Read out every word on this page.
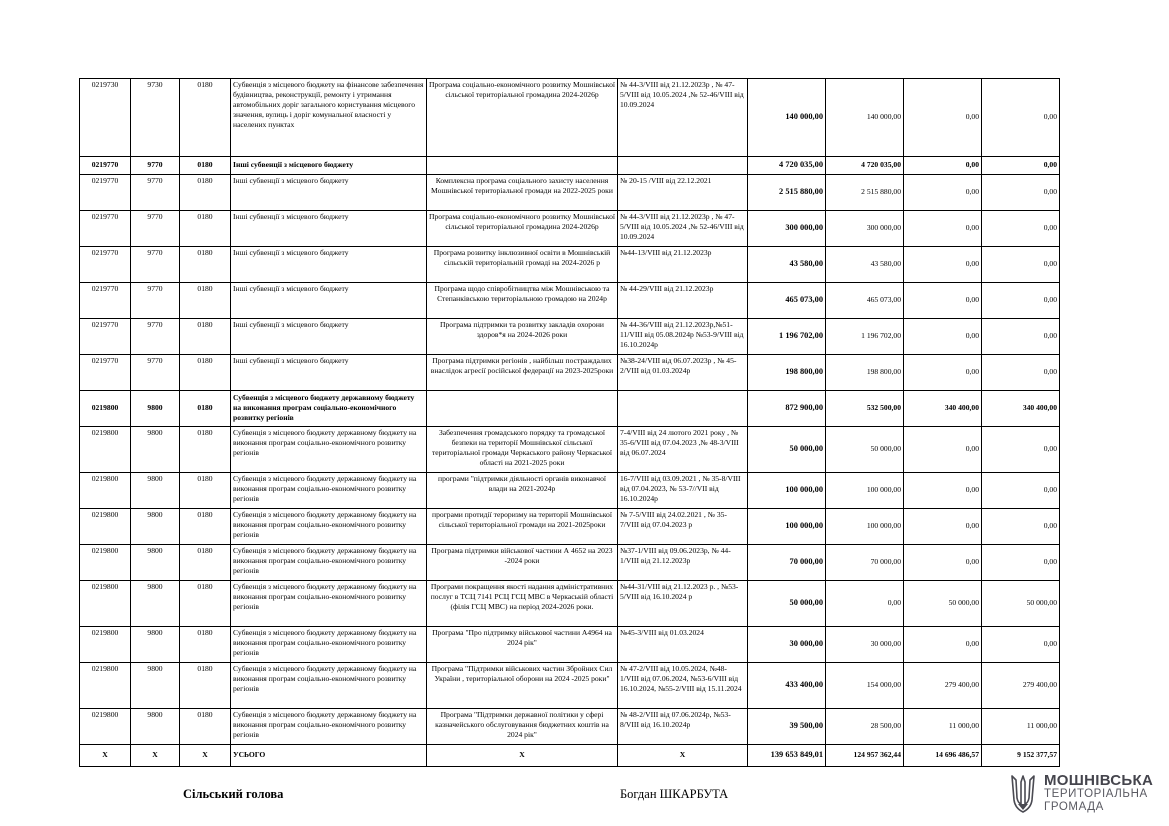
0219730	9730	0180	Субвенція з місцевого бюджету на фінансове забезпечення будівництва, реконструкції, ремонту і утримання автомобільних доріг загального користування місцевого значення, вулиць і доріг комунальної власності у населених пунктах	Програма соціально-економічного розвитку Мошнівської сільської територіальної громадина 2024-2026р	№ 44-3/VIII від 21.12.2023р , № 47-5/VIII від 10.05.2024 ,№ 52-46/VIII від 10.09.2024	140 000,00	140 000,00	0,00	0,00
0219770	9770	0180	Інші субвенції з місцевого бюджету			4 720 035,00	4 720 035,00	0,00	0,00
0219770	9770	0180	Інші субвенції з місцевого бюджету	Комплексна програма соціального захисту населення Мошнівської територіальної громади на 2022-2025 роки	№ 20-15 /VIII від 22.12.2021	2 515 880,00	2 515 880,00	0,00	0,00
0219770	9770	0180	Інші субвенції з місцевого бюджету	Програма соціально-економічного розвитку Мошнівської сільської територіальної громадина 2024-2026р	№ 44-3/VIII від 21.12.2023р , № 47-5/VIII від 10.05.2024 ,№ 52-46/VIII від 10.09.2024	300 000,00	300 000,00	0,00	0,00
0219770	9770	0180	Інші субвенції з місцевого бюджету	Програма розвитку інклюзивної освіти в Мошнівській сільській територіальній громаді на 2024-2026 р	№44-13/VIII від 21.12.2023р	43 580,00	43 580,00	0,00	0,00
0219770	9770	0180	Інші субвенції з місцевого бюджету	Програма щодо співробітництва між Мошнівською та Степанківською територіальною громадою на 2024р	№ 44-29/VIII від 21.12.2023р	465 073,00	465 073,00	0,00	0,00
0219770	9770	0180	Інші субвенції з місцевого бюджету	Програма підтримки та розвитку закладів охорони здоров*я на 2024-2026 роки	№ 44-36/VIII від 21.12.2023р,№51-11/VIII від 05.08.2024р №53-9/VIII від 16.10.2024р	1 196 702,00	1 196 702,00	0,00	0,00
0219770	9770	0180	Інші субвенції з місцевого бюджету	Програма підтримки регіонів , найбільш постраждалих внаслідок агресії російської федерації на 2023-2025роки	№38-24/VIII від 06.07.2023р , № 45-2/VIII від 01.03.2024р	198 800,00	198 800,00	0,00	0,00
0219800	9800	0180	Субвенція з місцевого бюджету державному бюджету на виконання програм соціально-економічного розвитку регіонів			872 900,00	532 500,00	340 400,00	340 400,00
0219800	9800	0180	Субвенція з місцевого бюджету державному бюджету на виконання програм соціально-економічного розвитку регіонів	Забезпечення громадського порядку та громадської безпеки на території Мошнівської сільської територіальної громади Черкаського району Черкаської області на 2021-2025 роки	7-4/VIII від 24 лютого 2021 року , № 35-6/VIII від 07.04.2023 ,№ 48-3/VIII від 06.07.2024	50 000,00	50 000,00	0,00	0,00
0219800	9800	0180	Субвенція з місцевого бюджету державному бюджету на виконання програм соціально-економічного розвитку регіонів	програми "підтримки діяльності органів виконавчої влади на 2021-2024р	16-7/VIII від 03.09.2021 , № 35-8/VIII від 07.04.2023, № 53-7//VII від 16.10.2024р	100 000,00	100 000,00	0,00	0,00
0219800	9800	0180	Субвенція з місцевого бюджету державному бюджету на виконання програм соціально-економічного розвитку регіонів	програми протидії тероризму на території Мошнівської сільської територіальної громади на 2021-2025роки	№ 7-5/VIII від 24.02.2021 , № 35-7/VIII від 07.04.2023 р	100 000,00	100 000,00	0,00	0,00
0219800	9800	0180	Субвенція з місцевого бюджету державному бюджету на виконання програм соціально-економічного розвитку регіонів	Програма підтримки військової частини А 4652 на 2023 -2024 роки	№37-1/VIII від 09.06.2023р, № 44-1/VIII від 21.12.2023р	70 000,00	70 000,00	0,00	0,00
0219800	9800	0180	Субвенція з місцевого бюджету державному бюджету на виконання програм соціально-економічного розвитку регіонів	Програми покращення якості надання адміністративних послуг в ТСЦ 7141 РСЦ ГСЦ МВС в Черкаській області (філія ГСЦ МВС) на період 2024-2026 роки.	№44-31/VIII від 21.12.2023 р. , №53-5/VIII від 16.10.2024 р	50 000,00	0,00	50 000,00	50 000,00
0219800	9800	0180	Субвенція з місцевого бюджету державному бюджету на виконання програм соціально-економічного розвитку регіонів	Програма "Про підтримку військової частини А4964 на 2024 рік"	№45-3/VIII від 01.03.2024	30 000,00	30 000,00	0,00	0,00
0219800	9800	0180	Субвенція з місцевого бюджету державному бюджету на виконання програм соціально-економічного розвитку регіонів	Програма "Підтримки військових частин Збройних Сил України , територіальної оборони на 2024 -2025 роки"	№ 47-2/VIII від 10.05.2024, №48-1/VIII від 07.06.2024, №53-6/VIII від 16.10.2024, №55-2/VIII від 15.11.2024	433 400,00	154 000,00	279 400,00	279 400,00
0219800	9800	0180	Субвенція з місцевого бюджету державному бюджету на виконання програм соціально-економічного розвитку регіонів	Програма "Підтримки державної політики у сфері казначейського обслуговування бюджетних коштів на 2024 рік"	№ 48-2/VIII від 07.06.2024р, №53-8/VIII від 16.10.2024р	39 500,00	28 500,00	11 000,00	11 000,00
X	X	X	УСЬОГО	X	X	139 653 849,01	124 957 362,44	14 696 486,57	9 152 377,57
Сільський голова	Богдан ШКАРБУТА
МОШНІВСЬКА
ТЕРИТОРІАЛЬНА
ГРОМАДА
